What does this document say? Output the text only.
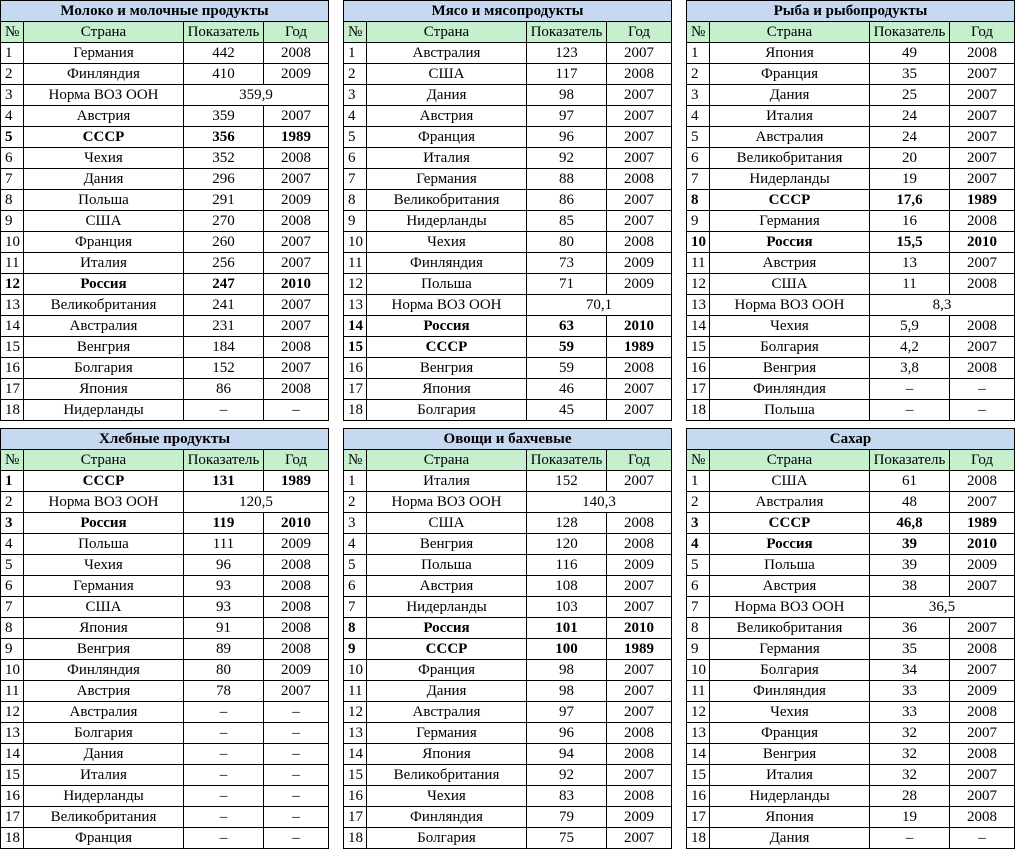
Молоко и молочные продукты			
№	Страна	Показатель	Год
1	Германия	442	2008
2	Финляндия	410	2009
3	Норма ВОЗ ООН	359,9	
4	Австрия	359	2007
5	СССР	356	1989
6	Чехия	352	2008
7	Дания	296	2007
8	Польша	291	2009
9	США	270	2008
10	Франция	260	2007
11	Италия	256	2007
12	Россия	247	2010
13	Великобритания	241	2007
14	Австралия	231	2007
15	Венгрия	184	2008
16	Болгария	152	2007
17	Япония	86	2008
18	Нидерланды	–	–
Мясо и мясопродукты			
№	Страна	Показатель	Год
1	Австралия	123	2007
2	США	117	2008
3	Дания	98	2007
4	Австрия	97	2007
5	Франция	96	2007
6	Италия	92	2007
7	Германия	88	2008
8	Великобритания	86	2007
9	Нидерланды	85	2007
10	Чехия	80	2008
11	Финляндия	73	2009
12	Польша	71	2009
13	Норма ВОЗ ООН	70,1	
14	Россия	63	2010
15	СССР	59	1989
16	Венгрия	59	2008
17	Япония	46	2007
18	Болгария	45	2007
Рыба и рыбопродукты			
№	Страна	Показатель	Год
1	Япония	49	2008
2	Франция	35	2007
3	Дания	25	2007
4	Италия	24	2007
5	Австралия	24	2007
6	Великобритания	20	2007
7	Нидерланды	19	2007
8	СССР	17,6	1989
9	Германия	16	2008
10	Россия	15,5	2010
11	Австрия	13	2007
12	США	11	2008
13	Норма ВОЗ ООН	8,3	
14	Чехия	5,9	2008
15	Болгария	4,2	2007
16	Венгрия	3,8	2008
17	Финляндия	–	–
18	Польша	–	–
Хлебные продукты			
№	Страна	Показатель	Год
1	СССР	131	1989
2	Норма ВОЗ ООН	120,5	
3	Россия	119	2010
4	Польша	111	2009
5	Чехия	96	2008
6	Германия	93	2008
7	США	93	2008
8	Япония	91	2008
9	Венгрия	89	2008
10	Финляндия	80	2009
11	Австрия	78	2007
12	Австралия	–	–
13	Болгария	–	–
14	Дания	–	–
15	Италия	–	–
16	Нидерланды	–	–
17	Великобритания	–	–
18	Франция	–	–
Овощи и бахчевые			
№	Страна	Показатель	Год
1	Италия	152	2007
2	Норма ВОЗ ООН	140,3	
3	США	128	2008
4	Венгрия	120	2008
5	Польша	116	2009
6	Австрия	108	2007
7	Нидерланды	103	2007
8	Россия	101	2010
9	СССР	100	1989
10	Франция	98	2007
11	Дания	98	2007
12	Австралия	97	2007
13	Германия	96	2008
14	Япония	94	2008
15	Великобритания	92	2007
16	Чехия	83	2008
17	Финляндия	79	2009
18	Болгария	75	2007
Сахар			
№	Страна	Показатель	Год
1	США	61	2008
2	Австралия	48	2007
3	СССР	46,8	1989
4	Россия	39	2010
5	Польша	39	2009
6	Австрия	38	2007
7	Норма ВОЗ ООН	36,5	
8	Великобритания	36	2007
9	Германия	35	2008
10	Болгария	34	2007
11	Финляндия	33	2009
12	Чехия	33	2008
13	Франция	32	2007
14	Венгрия	32	2008
15	Италия	32	2007
16	Нидерланды	28	2007
17	Япония	19	2008
18	Дания	–	–
